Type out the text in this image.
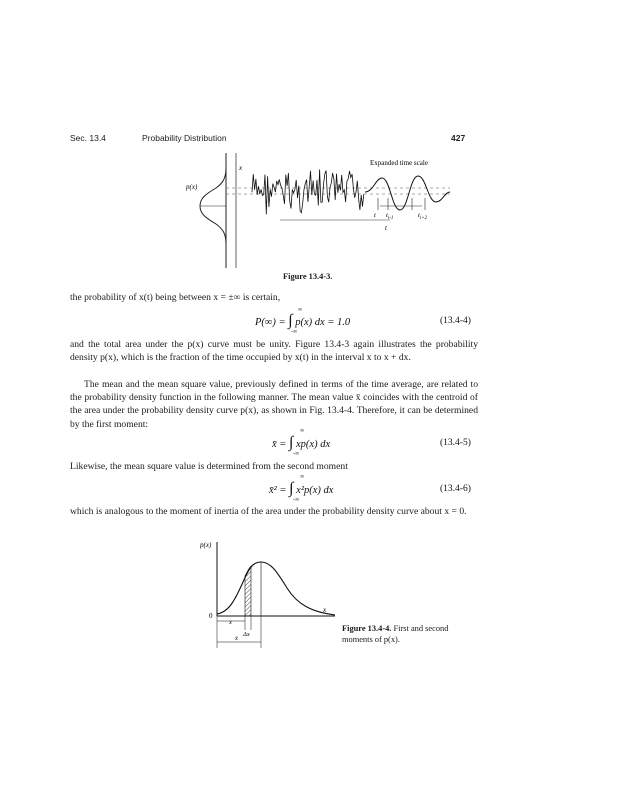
Sec. 13.4	Probability Distribution	427
p(x)
x
Expanded time scale
t $t_{i-1}$	$t_{i+2}$
t
Figure 13.4-3.
the probability of x(t) being between x = ±∞ is certain,
P(∞) = ∫ p(x) dx = 1.0
∞
-∞
(13.4-4)
and the total area under the p(x) curve must be unity. Figure 13.4-3 again illustrates the probability density p(x), which is the fraction of the time occupied by x(t) in the interval x to x + dx.
The mean and the mean square value, previously defined in terms of the time average, are related to the probability density function in the following manner. The mean value x̄ coincides with the centroid of the area under the probability density curve p(x), as shown in Fig. 13.4-4. Therefore, it can be determined by the first moment:
x̄ = ∫ xp(x) dx
∞
-∞
(13.4-5)
Likewise, the mean square value is determined from the second moment
x̄² = ∫ x²p(x) dx
∞
-∞
(13.4-6)
which is analogous to the moment of inertia of the area under the probability density curve about x = 0.
p(x)
0
x
x
Δx
x̄
Figure 13.4-4. First and second moments of p(x).
